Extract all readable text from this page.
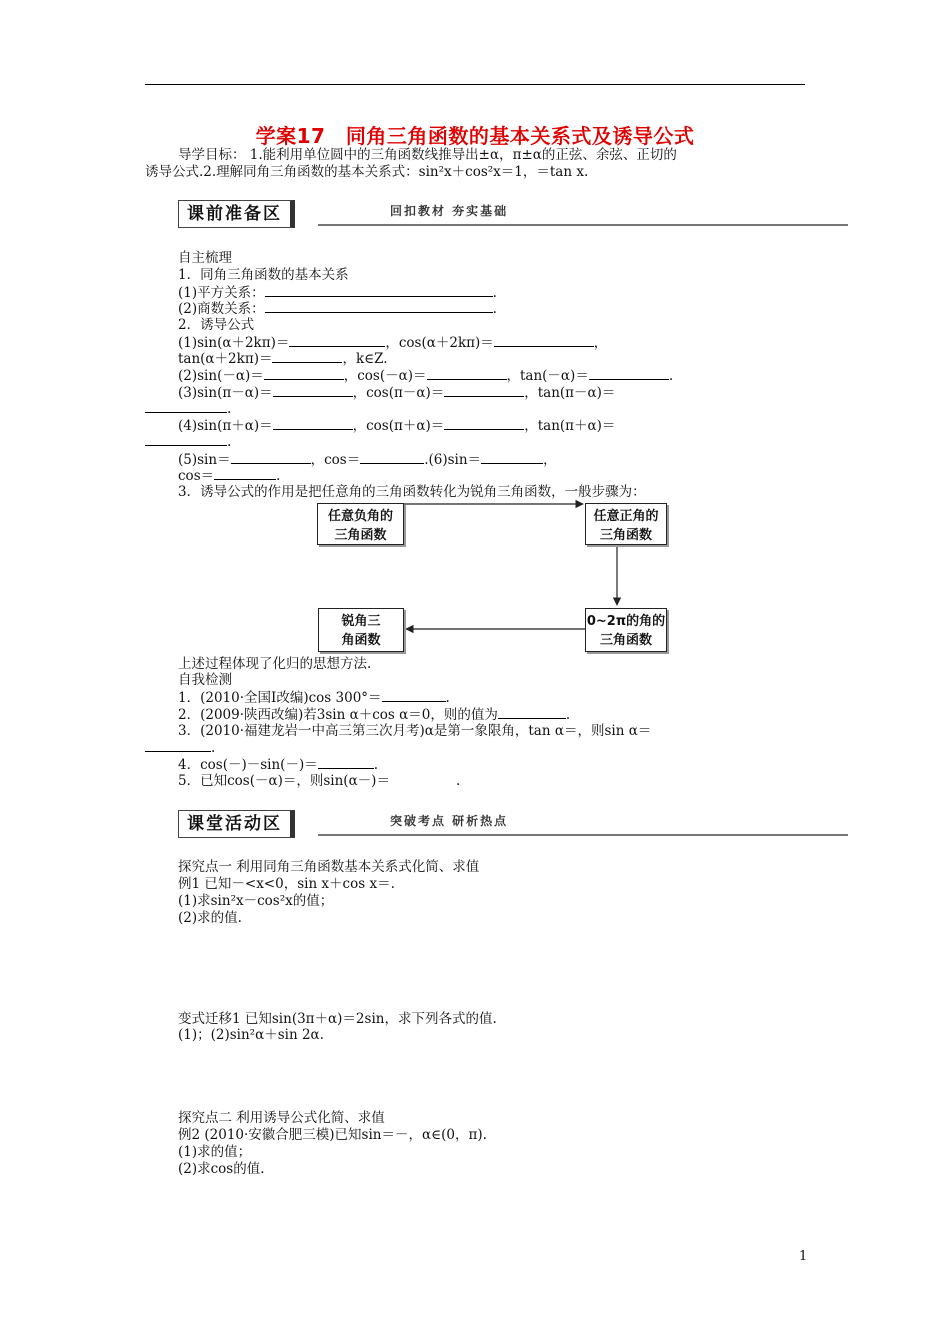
学案17　同角三角函数的基本关系式及诱导公式
导学目标： 1.能利用单位圆中的三角函数线推导出±α，π±α的正弦、余弦、正切的
诱导公式.2.理解同角三角函数的基本关系式：sin²x＋cos²x＝1，＝tan x.
课前准备区	回扣教材 夯实基础
自主梳理
1．同角三角函数的基本关系
(1)平方关系：	.
(2)商数关系：	.
2．诱导公式
(1)sin(α＋2kπ)＝	，cos(α＋2kπ)＝	，
tan(α＋2kπ)＝	，k∈Z.
(2)sin(－α)＝	，cos(－α)＝	，tan(－α)＝	.
(3)sin(π－α)＝	，cos(π－α)＝	，tan(π－α)＝
.
(4)sin(π＋α)＝	，cos(π＋α)＝	，tan(π＋α)＝
.
(5)sin＝	，cos＝	.(6)sin＝	，
cos＝	.
3．诱导公式的作用是把任意角的三角函数转化为锐角三角函数，一般步骤为：
任意负角的
三角函数
任意正角的
三角函数
0~2π的角的
三角函数
锐角三
角函数
上述过程体现了化归的思想方法.
自我检测
1．(2010·全国Ⅰ改编)cos 300°＝	.
2．(2009·陕西改编)若3sin α＋cos α＝0，则的值为	.
3．(2010·福建龙岩一中高三第三次月考)α是第一象限角，tan α＝，则sin α＝
.
4．cos(－)－sin(－)＝	.
5．已知cos(－α)＝，则sin(α－)＝	.
课堂活动区	突破考点 研析热点
探究点一 利用同角三角函数基本关系式化简、求值
例1 已知－<x<0，sin x＋cos x＝.
(1)求sin²x－cos²x的值；
(2)求的值.
变式迁移1 已知sin(3π＋α)＝2sin，求下列各式的值.
(1)；(2)sin²α＋sin 2α.
探究点二 利用诱导公式化简、求值
例2 (2010·安徽合肥三模)已知sin＝－，α∈(0，π).
(1)求的值；
(2)求cos的值.
1
